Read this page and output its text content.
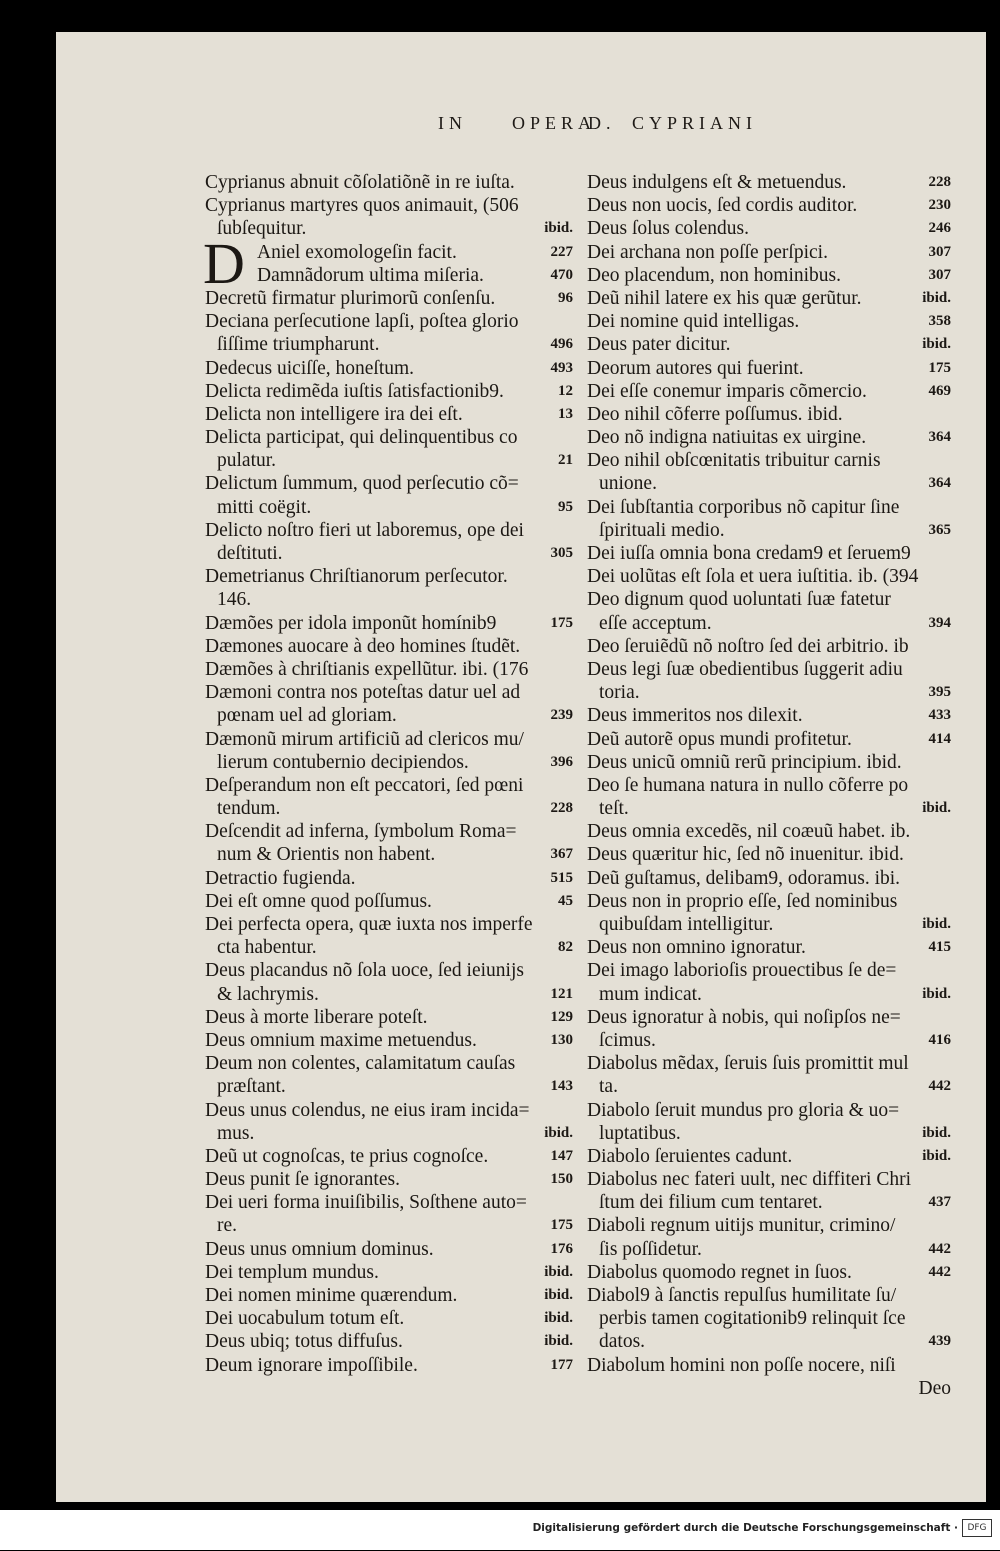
IN	OPERA
D. CYPRIANI
Cyprianus abnuit cõſolatiõnẽ in re iuſta.
Cyprianus martyres quos animauit, (506
ſubſequitur.	ibid.
D Aniel exomologeſin facit.	227
Damnãdorum ultima miſeria.	470
Decretũ firmatur plurimorũ conſenſu.	96
Deciana perſecutione lapſi, poſtea glorio
ſiſſime triumpharunt.	496
Dedecus uiciſſe, honeſtum.	493
Delicta redimẽda iuſtis ſatisfactionib9.	12
Delicta non intelligere ira dei eſt.	13
Delicta participat, qui delinquentibus co
pulatur.	21
Delictum ſummum, quod perſecutio cõ=
mitti coëgit.	95
Delicto noſtro fieri ut laboremus, ope dei
deſtituti.	305
Demetrianus Chriſtianorum perſecutor.
146.
Dæmões per idola imponũt homínib9	175
Dæmones auocare à deo homines ſtudẽt.
Dæmões à chriſtianis expellũtur. ibi. (176
Dæmoni contra nos poteſtas datur uel ad
pœnam uel ad gloriam.	239
Dæmonũ mirum artificiũ ad clericos mu/
lierum contubernio decipiendos.	396
Deſperandum non eſt peccatori, ſed pœni
tendum.	228
Deſcendit ad inferna, ſymbolum Roma=
num & Orientis non habent.	367
Detractio fugienda.	515
Dei eſt omne quod poſſumus.	45
Dei perfecta opera, quæ iuxta nos imperfe
cta habentur.	82
Deus placandus nõ ſola uoce, ſed ieiunijs
& lachrymis.	121
Deus à morte liberare poteſt.	129
Deus omnium maxime metuendus.	130
Deum non colentes, calamitatum cauſas
præſtant.	143
Deus unus colendus, ne eius iram incida=
mus.	ibid.
Deũ ut cognoſcas, te prius cognoſce.	147
Deus punit ſe ignorantes.	150
Dei ueri forma inuiſibilis, Soſthene auto=
re.	175
Deus unus omnium dominus.	176
Dei templum mundus.	ibid.
Dei nomen minime quærendum.	ibid.
Dei uocabulum totum eſt.	ibid.
Deus ubiq; totus diffuſus.	ibid.
Deum ignorare impoſſibile.	177
Deus indulgens eſt & metuendus.	228
Deus non uocis, ſed cordis auditor.	230
Deus ſolus colendus.	246
Dei archana non poſſe perſpici.	307
Deo placendum, non hominibus.	307
Deũ nihil latere ex his quæ gerũtur.	ibid.
Dei nomine quid intelligas.	358
Deus pater dicitur.	ibid.
Deorum autores qui fuerint.	175
Dei eſſe conemur imparis cõmercio.	469
Deo nihil cõferre poſſumus. ibid.
Deo nõ indigna natiuitas ex uirgine.	364
Deo nihil obſcœnitatis tribuitur carnis
unione.	364
Dei ſubſtantia corporibus nõ capitur ſine
ſpirituali medio.	365
Dei iuſſa omnia bona credam9 et ſeruem9
Dei uolũtas eſt ſola et uera iuſtitia. ib. (394
Deo dignum quod uoluntati ſuæ fatetur
eſſe acceptum.	394
Deo ſeruiẽdũ nõ noſtro ſed dei arbitrio. ib
Deus legi ſuæ obedientibus ſuggerit adiu
toria.	395
Deus immeritos nos dilexit.	433
Deũ autorẽ opus mundi profitetur.	414
Deus unicũ omniũ rerũ principium. ibid.
Deo ſe humana natura in nullo cõferre po
teſt.	ibid.
Deus omnia excedẽs, nil coæuũ habet. ib.
Deus quæritur hic, ſed nõ inuenitur. ibid.
Deũ guſtamus, delibam9, odoramus. ibi.
Deus non in proprio eſſe, ſed nominibus
quibuſdam intelligitur.	ibid.
Deus non omnino ignoratur.	415
Dei imago laborioſis prouectibus ſe de=
mum indicat.	ibid.
Deus ignoratur à nobis, qui noſipſos ne=
ſcimus.	416
Diabolus mẽdax, ſeruis ſuis promittit mul
ta.	442
Diabolo ſeruit mundus pro gloria & uo=
luptatibus.	ibid.
Diabolo ſeruientes cadunt.	ibid.
Diabolus nec fateri uult, nec diffiteri Chri
ſtum dei filium cum tentaret.	437
Diaboli regnum uitijs munitur, crimino/
ſis poſſidetur.	442
Diabolus quomodo regnet in ſuos.	442
Diabol9 à ſanctis repulſus humilitate ſu/
perbis tamen cogitationib9 relinquit ſce
datos.	439
Diabolum homini non poſſe nocere, niſi
Deo
Digitalisierung gefördert durch die Deutsche Forschungsgemeinschaft ·	DFG
